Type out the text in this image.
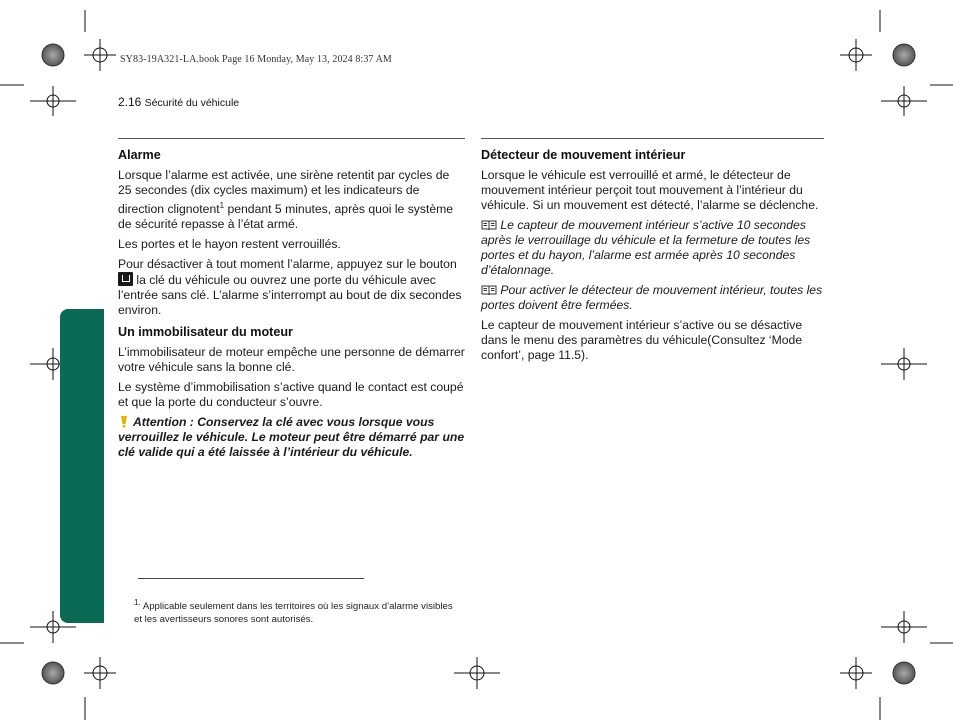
SY83-19A321-LA.book Page 16 Monday, May 13, 2024 8:37 AM
2.16 Sécurité du véhicule
Alarme

Lorsque l’alarme est activée, une sirène retentit par cycles de 25 secondes (dix cycles maximum) et les indicateurs de direction clignotent$^1$ pendant 5 minutes, après quoi le système de sécurité repasse à l’état armé.

Les portes et le hayon restent verrouillés.

Pour désactiver à tout moment l’alarme, appuyez sur le bouton  la clé du véhicule ou ouvrez une porte du véhicule avec l’entrée sans clé. L’alarme s’interrompt au bout de dix secondes environ.

Un immobilisateur du moteur

L’immobilisateur de moteur empêche une personne de démarrer votre véhicule sans la bonne clé.

Le système d’immobilisation s’active quand le contact est coupé et que la porte du conducteur s’ouvre.

Attention : Conservez la clé avec vous lorsque vous verrouillez le véhicule. Le moteur peut être démarré par une clé valide qui a été laissée à l’intérieur du véhicule.

Détecteur de mouvement intérieur

Lorsque le véhicule est verrouillé et armé, le détecteur de mouvement intérieur perçoit tout mouvement à l’intérieur du véhicule. Si un mouvement est détecté, l’alarme se déclenche.

Le capteur de mouvement intérieur s’active 10 secondes après le verrouillage du véhicule et la fermeture de toutes les portes et du hayon, l’alarme est armée après 10 secondes d’étalonnage.

Pour activer le détecteur de mouvement intérieur, toutes les portes doivent être fermées.

Le capteur de mouvement intérieur s’active ou se désactive dans le menu des paramètres du véhicule(Consultez ‘Mode confort’, page 11.5).

$^{1.}$ Applicable seulement dans les territoires où les signaux d’alarme visibles et les avertisseurs sonores sont autorisés.
